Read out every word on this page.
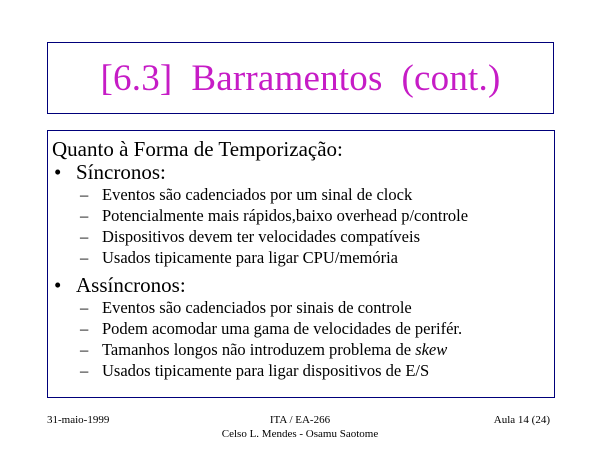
[6.3]  Barramentos  (cont.)
Quanto à Forma de Temporização:
• Síncronos:
– Eventos são cadenciados por um sinal de clock
– Potencialmente mais rápidos,baixo overhead p/controle
– Dispositivos devem ter velocidades compatíveis
– Usados tipicamente para ligar CPU/memória
• Assíncronos:
– Eventos são cadenciados por sinais de controle
– Podem acomodar uma gama de velocidades de perifér.
– Tamanhos longos não introduzem problema de skew
– Usados tipicamente para ligar dispositivos de E/S
31-maio-1999	ITA / EA-266
Celso L. Mendes - Osamu Saotome
Aula 14 (24)
